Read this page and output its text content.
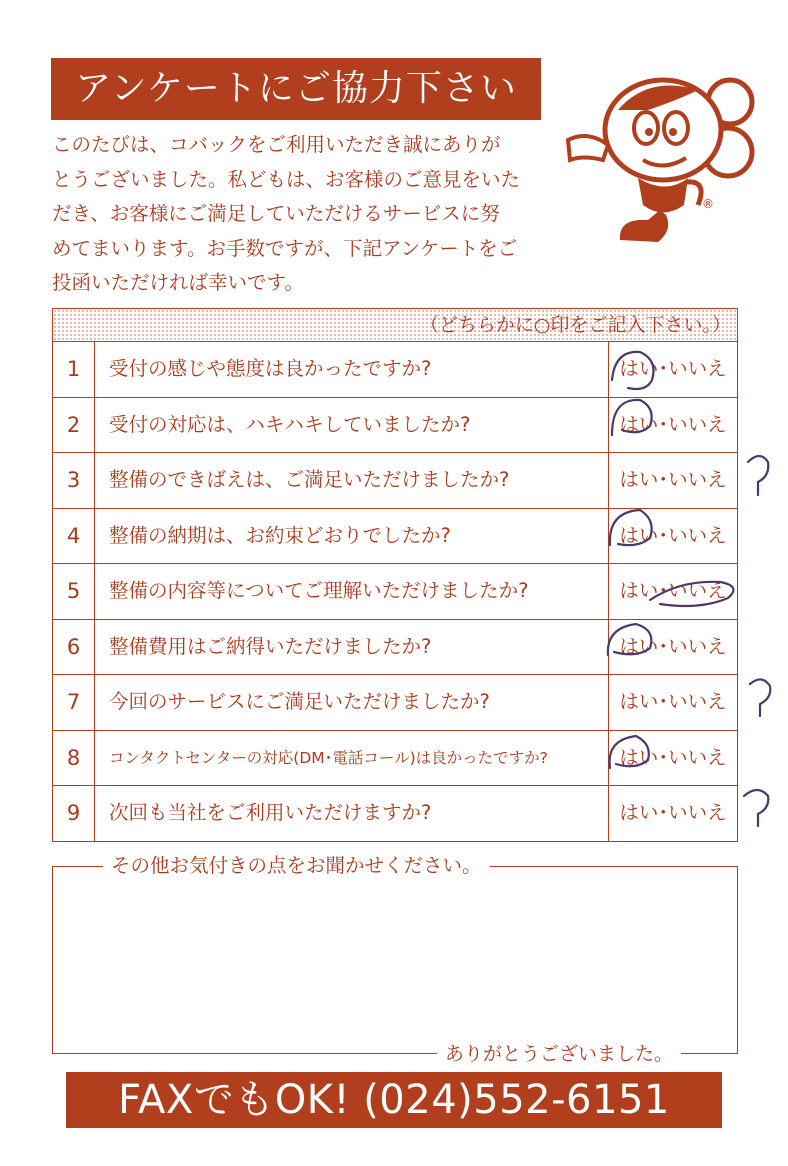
アンケートにご協力下さい
このたびは、コバックをご利用いただき誠にありが
とうございました。私どもは、お客様のご意見をいた
だき、お客様にご満足していただけるサービスに努
めてまいります。お手数ですが、下記アンケートをご
投函いただければ幸いです。
®
（どちらかに○印をご記入下さい。）
1	受付の感じや態度は良かったですか?	はい･いいえ
2	受付の対応は、ハキハキしていましたか?	はい･いいえ
3	整備のできばえは、ご満足いただけましたか?	はい･いいえ
4	整備の納期は、お約束どおりでしたか?	はい･いいえ
5	整備の内容等についてご理解いただけましたか?	はい･いいえ
6	整備費用はご納得いただけましたか?	はい･いいえ
7	今回のサービスにご満足いただけましたか?	はい･いいえ
8	コンタクトセンターの対応(DM･電話コール)は良かったですか?	はい･いいえ
9	次回も当社をご利用いただけますか?	はい･いいえ
その他お気付きの点をお聞かせください。
ありがとうございました。
FAXでもOK! (024)552-6151
